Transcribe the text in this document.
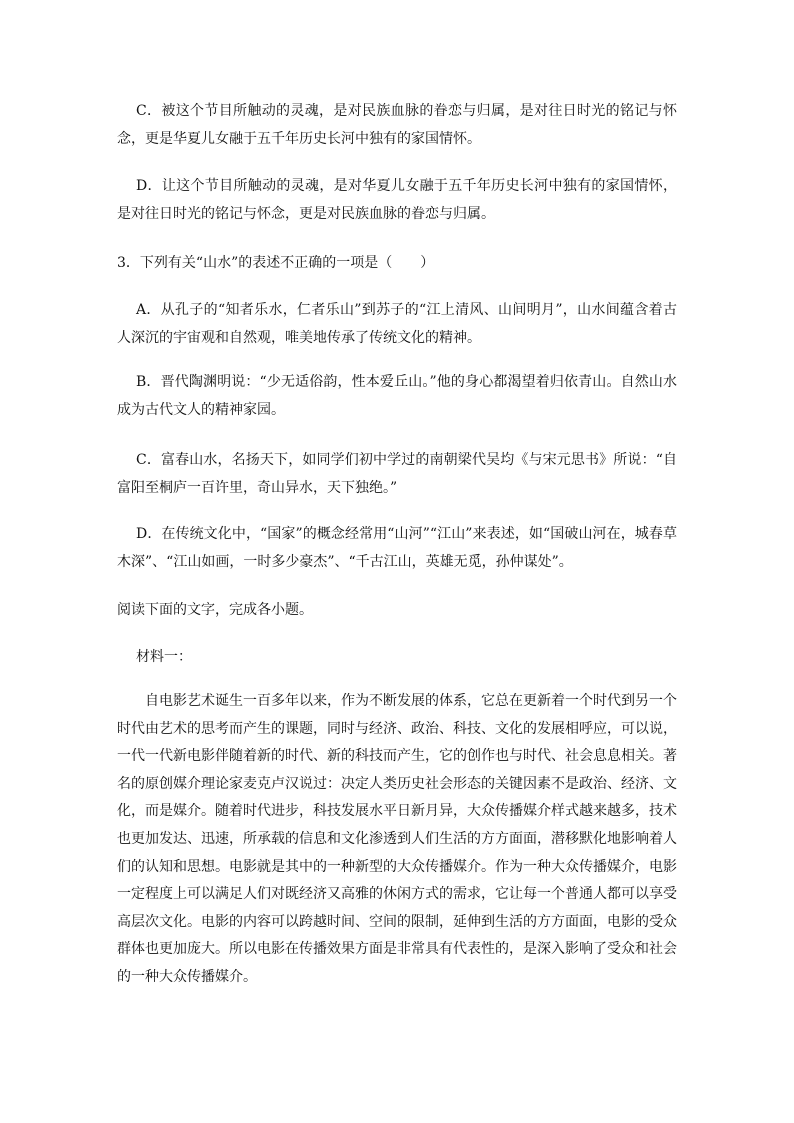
C．被这个节目所触动的灵魂，是对民族血脉的眷恋与归属，是对往日时光的铭记与怀念，更是华夏儿女融于五千年历史长河中独有的家国情怀。

D．让这个节目所触动的灵魂，是对华夏儿女融于五千年历史长河中独有的家国情怀，是对往日时光的铭记与怀念，更是对民族血脉的眷恋与归属。

3．下列有关“山水”的表述不正确的一项是（　　）

A．从孔子的“知者乐水，仁者乐山”到苏子的“江上清风、山间明月”，山水间蕴含着古人深沉的宇宙观和自然观，唯美地传承了传统文化的精神。

B．晋代陶渊明说：“少无适俗韵，性本爱丘山。”他的身心都渴望着归依青山。自然山水成为古代文人的精神家园。

C．富春山水，名扬天下，如同学们初中学过的南朝梁代吴均《与宋元思书》所说：“自富阳至桐庐一百许里，奇山异水，天下独绝。”

D．在传统文化中，“国家”的概念经常用“山河”“江山”来表述，如“国破山河在，城春草木深”、“江山如画，一时多少豪杰”、“千古江山，英雄无觅，孙仲谋处”。

阅读下面的文字，完成各小题。

材料一：

自电影艺术诞生一百多年以来，作为不断发展的体系，它总在更新着一个时代到另一个时代由艺术的思考而产生的课题，同时与经济、政治、科技、文化的发展相呼应，可以说，一代一代新电影伴随着新的时代、新的科技而产生，它的创作也与时代、社会息息相关。著名的原创媒介理论家麦克卢汉说过：决定人类历史社会形态的关键因素不是政治、经济、文化，而是媒介。随着时代进步，科技发展水平日新月异，大众传播媒介样式越来越多，技术也更加发达、迅速，所承载的信息和文化渗透到人们生活的方方面面，潜移默化地影响着人们的认知和思想。电影就是其中的一种新型的大众传播媒介。作为一种大众传播媒介，电影一定程度上可以满足人们对既经济又高雅的休闲方式的需求，它让每一个普通人都可以享受高层次文化。电影的内容可以跨越时间、空间的限制，延伸到生活的方方面面，电影的受众群体也更加庞大。所以电影在传播效果方面是非常具有代表性的，是深入影响了受众和社会的一种大众传播媒介。
